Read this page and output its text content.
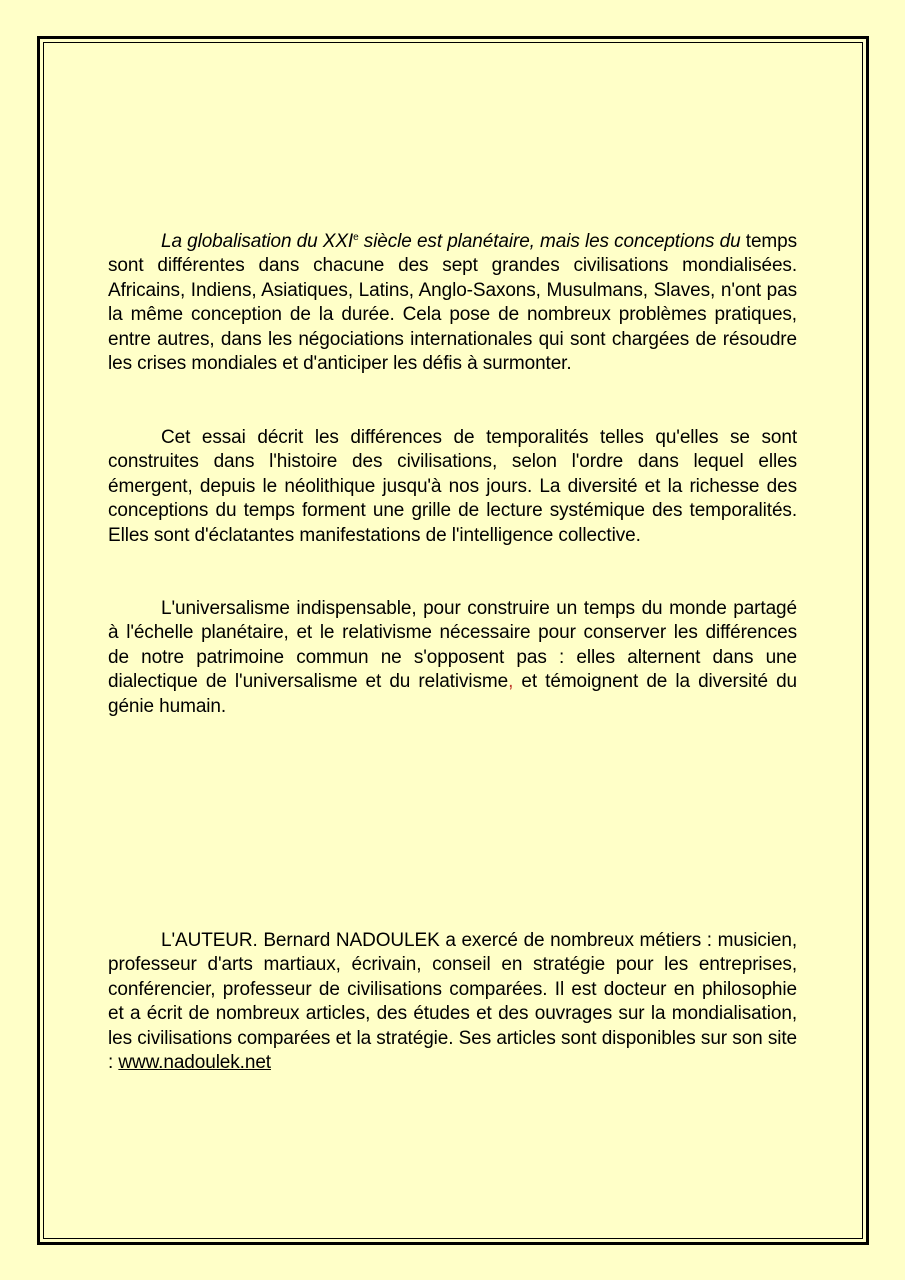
La globalisation du XXIe siècle est planétaire, mais les conceptions du temps sont différentes dans chacune des sept grandes civilisations mondialisées. Africains, Indiens, Asiatiques, Latins, Anglo-Saxons, Musulmans, Slaves, n'ont pas la même conception de la durée. Cela pose de nombreux problèmes pratiques, entre autres, dans les négociations internationales qui sont chargées de résoudre les crises mondiales et d'anticiper les défis à surmonter.

Cet essai décrit les différences de temporalités telles qu'elles se sont construites dans l'histoire des civilisations, selon l'ordre dans lequel elles émergent, depuis le néolithique jusqu'à nos jours. La diversité et la richesse des conceptions du temps forment une grille de lecture systémique des temporalités. Elles sont d'éclatantes manifestations de l'intelligence collective.

L'universalisme indispensable, pour construire un temps du monde partagé à l'échelle planétaire, et le relativisme nécessaire pour conserver les différences de notre patrimoine commun ne s'opposent pas : elles alternent dans une dialectique de l'universalisme et du relativisme, et témoignent de la diversité du génie humain.

L'AUTEUR. Bernard NADOULEK a exercé de nombreux métiers : musicien, professeur d'arts martiaux, écrivain, conseil en stratégie pour les entreprises, conférencier, professeur de civilisations comparées. Il est docteur en philosophie et a écrit de nombreux articles, des études et des ouvrages sur la mondialisation, les civilisations comparées et la stratégie. Ses articles sont disponibles sur son site : www.nadoulek.net
